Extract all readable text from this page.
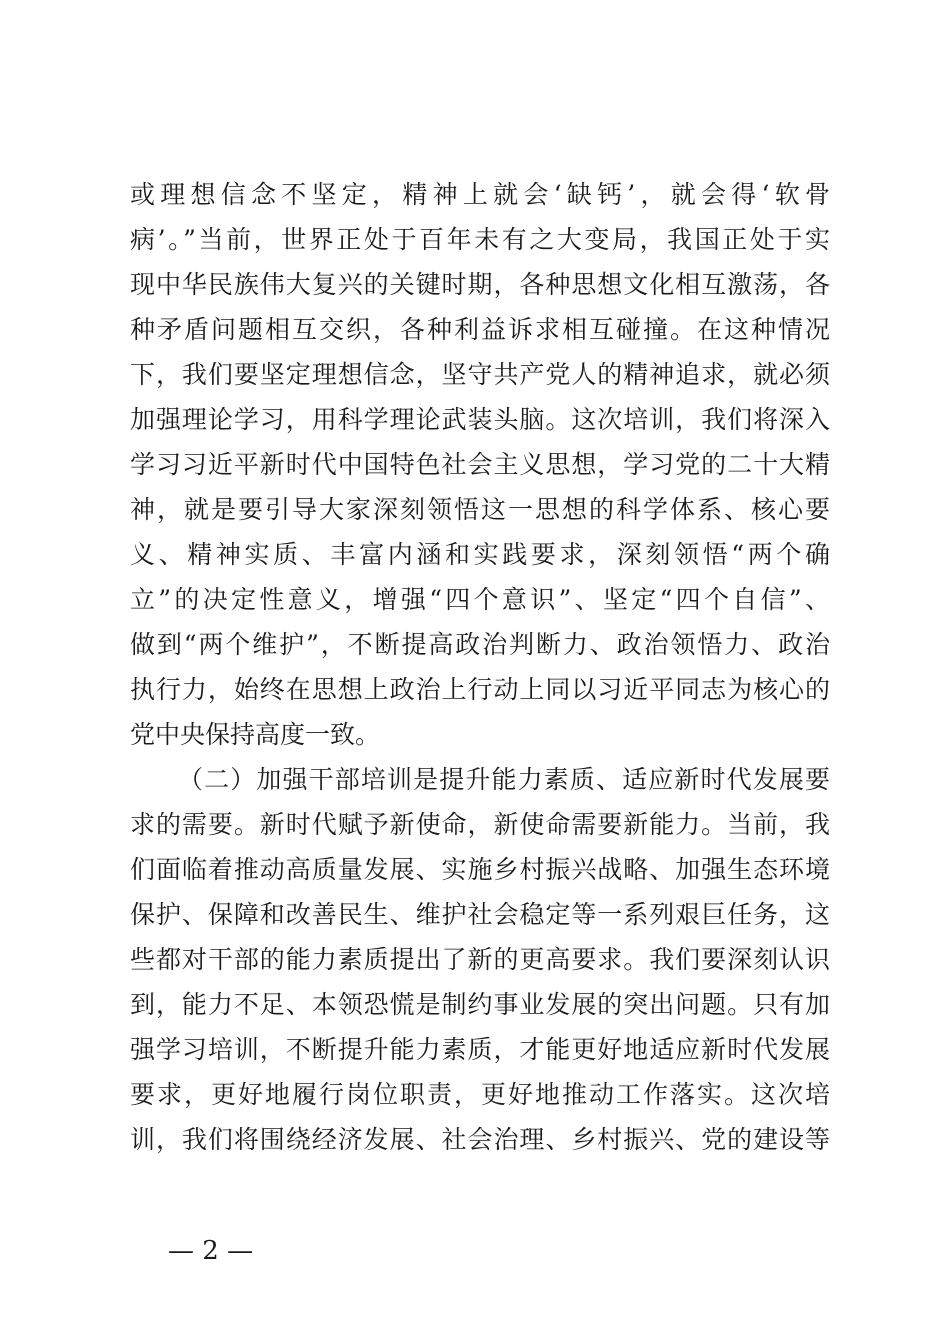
或理想信念不坚定，精神上就会‘缺钙’，就会得‘软骨
病’。”当前，世界正处于百年未有之大变局，我国正处于实
现中华民族伟大复兴的关键时期，各种思想文化相互激荡，各
种矛盾问题相互交织，各种利益诉求相互碰撞。在这种情况
下，我们要坚定理想信念，坚守共产党人的精神追求，就必须
加强理论学习，用科学理论武装头脑。这次培训，我们将深入
学习习近平新时代中国特色社会主义思想，学习党的二十大精
神，就是要引导大家深刻领悟这一思想的科学体系、核心要
义、精神实质、丰富内涵和实践要求，深刻领悟“两个确
立”的决定性意义，增强“四个意识”、坚定“四个自信”、
做到“两个维护”，不断提高政治判断力、政治领悟力、政治
执行力，始终在思想上政治上行动上同以习近平同志为核心的
党中央保持高度一致。
（二）加强干部培训是提升能力素质、适应新时代发展要
求的需要。新时代赋予新使命，新使命需要新能力。当前，我
们面临着推动高质量发展、实施乡村振兴战略、加强生态环境
保护、保障和改善民生、维护社会稳定等一系列艰巨任务，这
些都对干部的能力素质提出了新的更高要求。我们要深刻认识
到，能力不足、本领恐慌是制约事业发展的突出问题。只有加
强学习培训，不断提升能力素质，才能更好地适应新时代发展
要求，更好地履行岗位职责，更好地推动工作落实。这次培
训，我们将围绕经济发展、社会治理、乡村振兴、党的建设等
— 2 —
